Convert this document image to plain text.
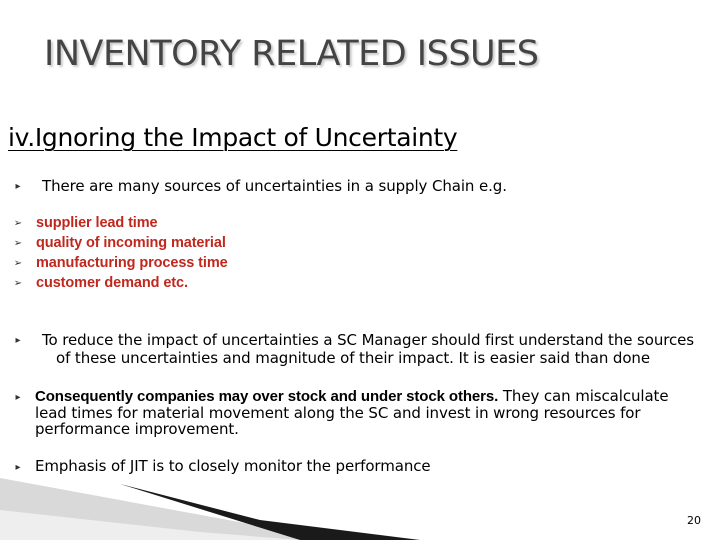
INVENTORY RELATED ISSUES
iv.Ignoring the Impact of Uncertainty
▸ There are many sources of uncertainties in a supply Chain e.g.
➢ supplier lead time
➢ quality of incoming material
➢ manufacturing process time
➢ customer demand etc.
▸ To reduce the impact of uncertainties a SC Manager should first understand the sources
of these uncertainties and magnitude of their impact. It is easier said than done
▸ Consequently companies may over stock and under stock others. They can miscalculate
lead times for material movement along the SC and invest in wrong resources for
performance improvement.
▸ Emphasis of JIT is to closely monitor the performance
20
